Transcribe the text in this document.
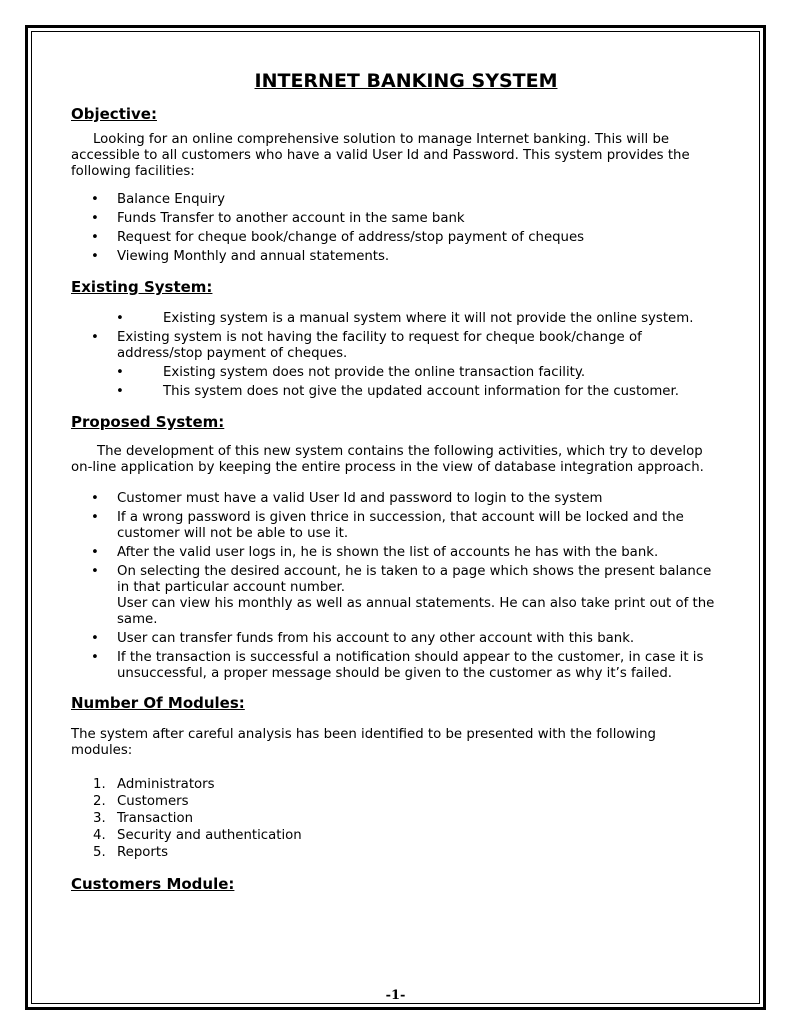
INTERNET BANKING SYSTEM
Objective:

Looking for an online comprehensive solution to manage Internet banking. This will be accessible to all customers who have a valid User Id and Password. This system provides the following facilities:

• Balance Enquiry
• Funds Transfer to another account in the same bank
• Request for cheque book/change of address/stop payment of cheques
• Viewing Monthly and annual statements.
Existing System:
•	Existing system is a manual system where it will not provide the online system.
• Existing system is not having the facility to request for cheque book/change of address/stop payment of cheques.
•	Existing system does not provide the online transaction facility.
•	This system does not give the updated account information for the customer.
Proposed System:

The development of this new system contains the following activities, which try to develop on-line application by keeping the entire process in the view of database integration approach.

• Customer must have a valid User Id and password to login to the system
• If a wrong password is given thrice in succession, that account will be locked and the customer will not be able to use it.
• After the valid user logs in, he is shown the list of accounts he has with the bank.
• On selecting the desired account, he is taken to a page which shows the present balance in that particular account number.
User can view his monthly as well as annual statements. He can also take print out of the same.
• User can transfer funds from his account to any other account with this bank.
• If the transaction is successful a notification should appear to the customer, in case it is unsuccessful, a proper message should be given to the customer as why it’s failed.
Number Of Modules:

The system after careful analysis has been identified to be presented with the following modules:

1. Administrators
2. Customers
3. Transaction
4. Security and authentication
5. Reports
Customers Module:
-1-
